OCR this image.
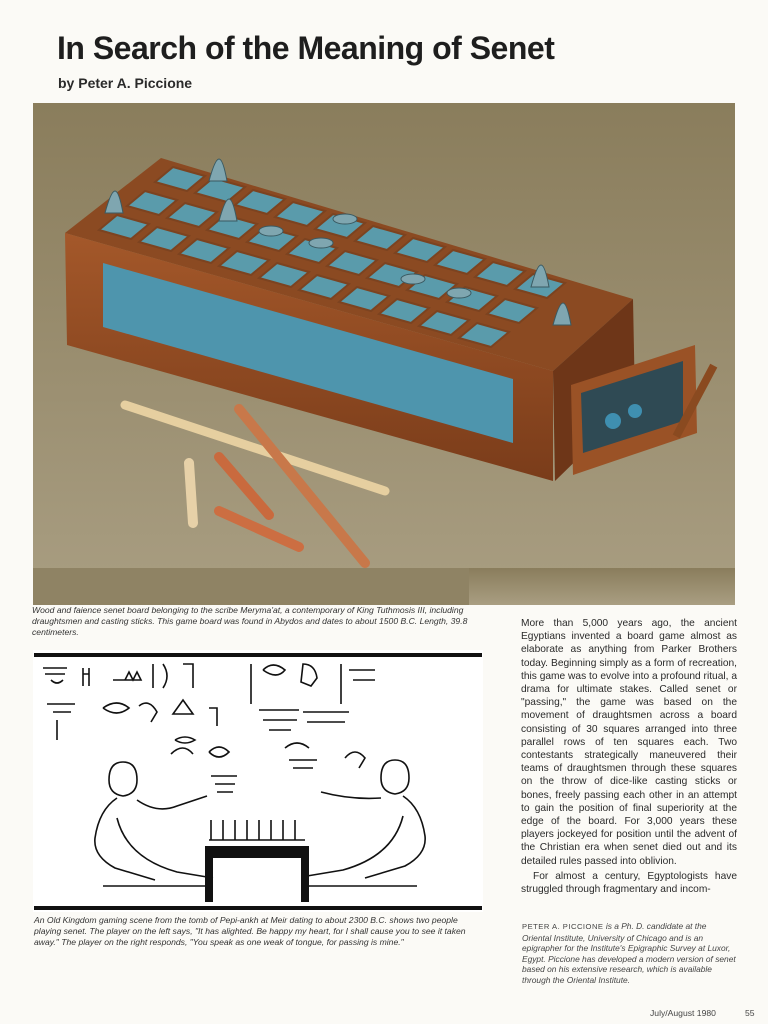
In Search of the Meaning of Senet
by Peter A. Piccione
Wood and faience senet board belonging to the scribe Meryma'at, a contemporary of King Tuthmosis III, including draughtsmen and casting sticks. This game board was found in Abydos and dates to about 1500 B.C. Length, 39.8 centimeters.
An Old Kingdom gaming scene from the tomb of Pepi-ankh at Meir dating to about 2300 B.C. shows two people playing senet. The player on the left says, "It has alighted. Be happy my heart, for I shall cause you to see it taken away." The player on the right responds, "You speak as one weak of tongue, for passing is mine."

More than 5,000 years ago, the ancient Egyptians invented a board game almost as elaborate as anything from Parker Brothers today. Beginning simply as a form of recreation, this game was to evolve into a profound ritual, a drama for ultimate stakes. Called senet or "passing," the game was based on the movement of draughtsmen across a board consisting of 30 squares arranged into three parallel rows of ten squares each. Two contestants strategically maneuvered their teams of draughtsmen through these squares on the throw of dice-like casting sticks or bones, freely passing each other in an attempt to gain the position of final superiority at the edge of the board. For 3,000 years these players jockeyed for position until the advent of the Christian era when senet died out and its detailed rules passed into oblivion.

For almost a century, Egyptologists have struggled through fragmentary and incom-

PETER A. PICCIONE is a Ph. D. candidate at the Oriental Institute, University of Chicago and is an epigrapher for the Institute's Epigraphic Survey at Luxor, Egypt. Piccione has developed a modern version of senet based on his extensive research, which is available through the Oriental Institute.
July/August 1980	55
